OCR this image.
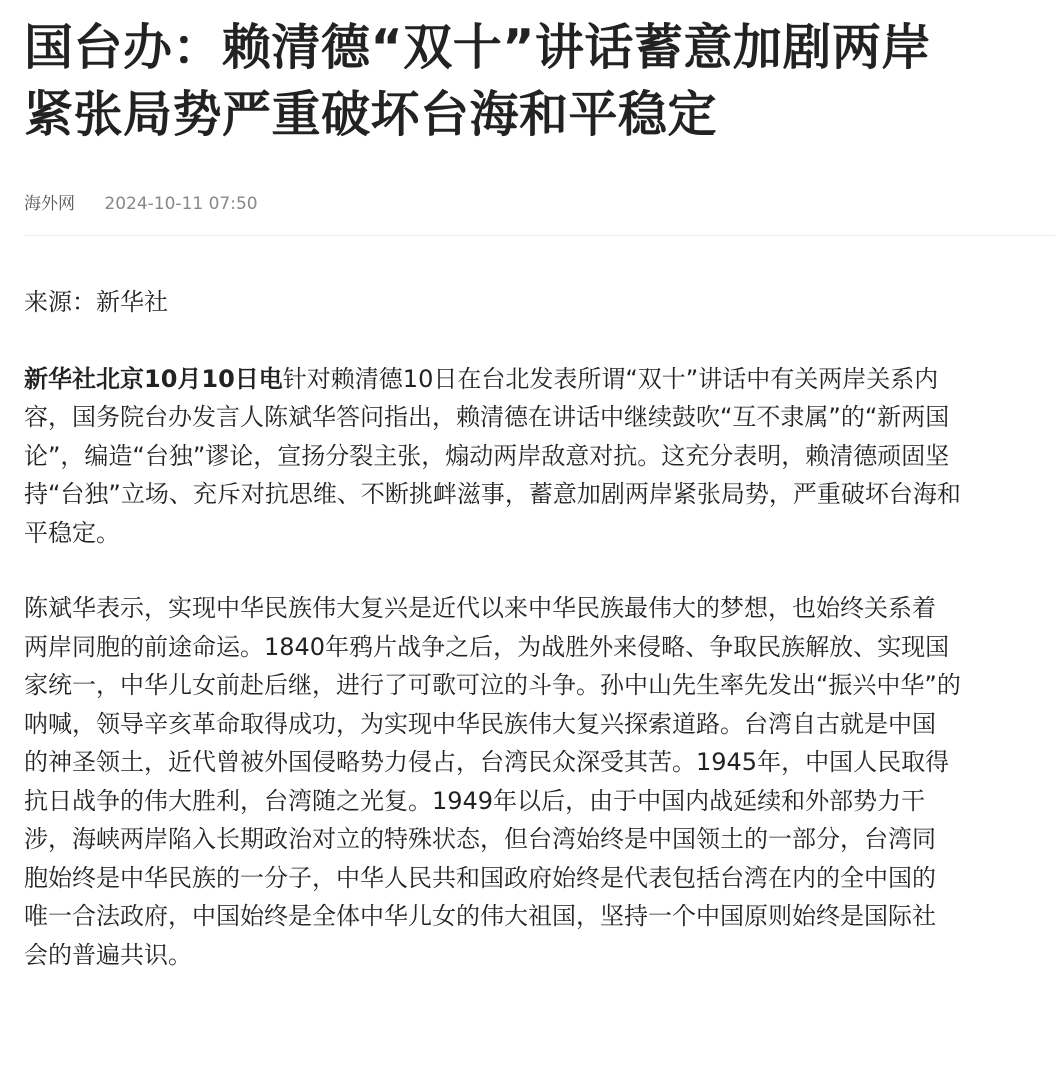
国台办：赖清德“双十”讲话蓄意加剧两岸
紧张局势严重破坏台海和平稳定
海外网 2024-10-11 07:50

来源：新华社

新华社北京10月10日电针对赖清德10日在台北发表所谓“双十”讲话中有关两岸关系内
容，国务院台办发言人陈斌华答问指出，赖清德在讲话中继续鼓吹“互不隶属”的“新两国
论”，编造“台独”谬论，宣扬分裂主张，煽动两岸敌意对抗。这充分表明，赖清德顽固坚
持“台独”立场、充斥对抗思维、不断挑衅滋事，蓄意加剧两岸紧张局势，严重破坏台海和
平稳定。

陈斌华表示，实现中华民族伟大复兴是近代以来中华民族最伟大的梦想，也始终关系着
两岸同胞的前途命运。1840年鸦片战争之后，为战胜外来侵略、争取民族解放、实现国
家统一，中华儿女前赴后继，进行了可歌可泣的斗争。孙中山先生率先发出“振兴中华”的
呐喊，领导辛亥革命取得成功，为实现中华民族伟大复兴探索道路。台湾自古就是中国
的神圣领土，近代曾被外国侵略势力侵占，台湾民众深受其苦。1945年，中国人民取得
抗日战争的伟大胜利，台湾随之光复。1949年以后，由于中国内战延续和外部势力干
涉，海峡两岸陷入长期政治对立的特殊状态，但台湾始终是中国领土的一部分，台湾同
胞始终是中华民族的一分子，中华人民共和国政府始终是代表包括台湾在内的全中国的
唯一合法政府，中国始终是全体中华儿女的伟大祖国，坚持一个中国原则始终是国际社
会的普遍共识。
